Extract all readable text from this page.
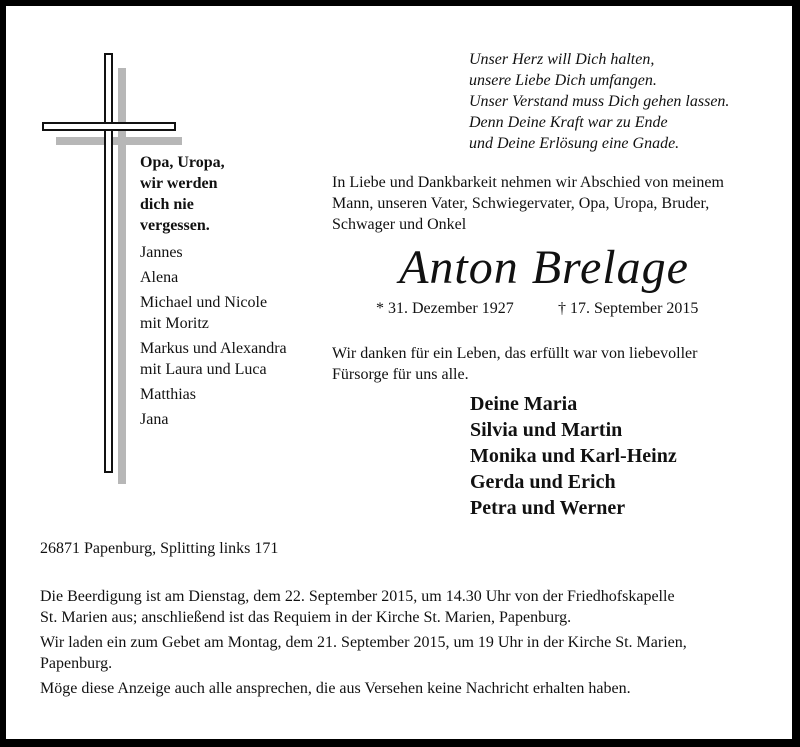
Opa, Uropa,
wir werden
dich nie
vergessen.
Jannes
Alena
Michael und Nicole
mit Moritz
Markus und Alexandra
mit Laura und Luca
Matthias
Jana
Unser Herz will Dich halten,
unsere Liebe Dich umfangen.
Unser Verstand muss Dich gehen lassen.
Denn Deine Kraft war zu Ende
und Deine Erlösung eine Gnade.
In Liebe und Dankbarkeit nehmen wir Abschied von meinem
Mann, unseren Vater, Schwiegervater, Opa, Uropa, Bruder,
Schwager und Onkel
Anton Brelage
* 31. Dezember 1927	† 17. September 2015
Wir danken für ein Leben, das erfüllt war von liebevoller
Fürsorge für uns alle.
Deine Maria
Silvia und Martin
Monika und Karl-Heinz
Gerda und Erich
Petra und Werner
26871 Papenburg, Splitting links 171

Die Beerdigung ist am Dienstag, dem 22. September 2015, um 14.30 Uhr von der Friedhofskapelle
St. Marien aus; anschließend ist das Requiem in der Kirche St. Marien, Papenburg.

Wir laden ein zum Gebet am Montag, dem 21. September 2015, um 19 Uhr in der Kirche St. Marien,
Papenburg.

Möge diese Anzeige auch alle ansprechen, die aus Versehen keine Nachricht erhalten haben.
